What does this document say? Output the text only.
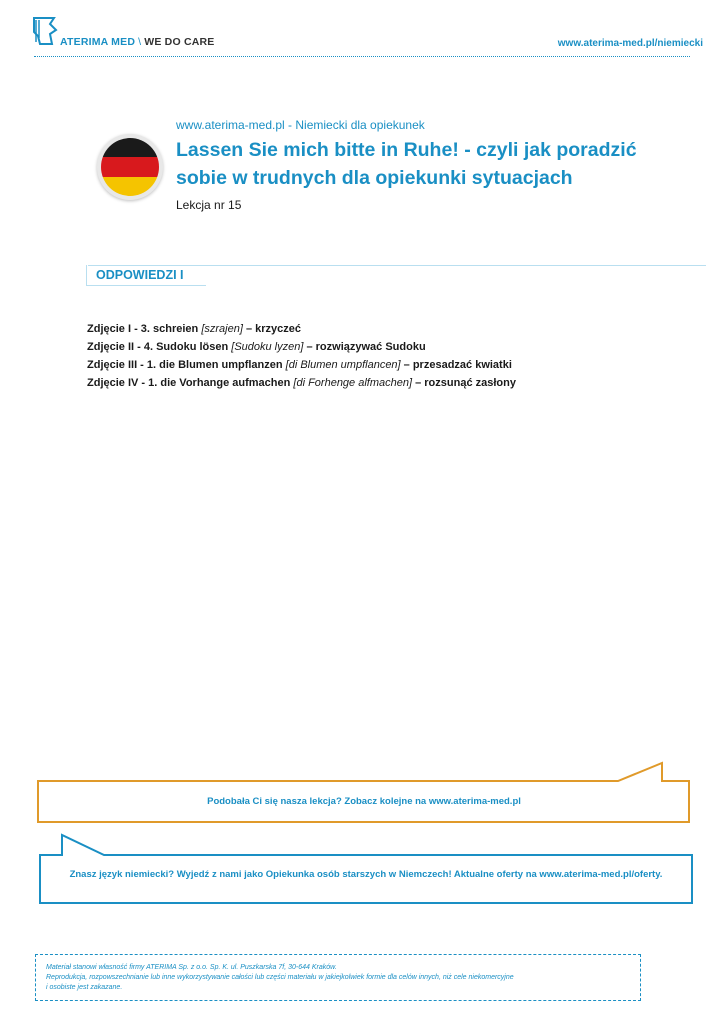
ATERIMA MED \ WE DO CARE	www.aterima-med.pl/niemiecki
www.aterima-med.pl - Niemiecki dla opiekunek
Lassen Sie mich bitte in Ruhe! - czyli jak poradzić sobie w trudnych dla opiekunki sytuacjach
Lekcja nr 15
ODPOWIEDZI I
Zdjęcie I - 3. schreien [szrajen] – krzyczeć
Zdjęcie II - 4. Sudoku lösen [Sudoku lyzen] – rozwiązywać Sudoku
Zdjęcie III - 1. die Blumen umpflanzen [di Blumen umpflancen] – przesadzać kwiatki
Zdjęcie IV - 1. die Vorhange aufmachen [di Forhenge alfmachen] – rozsunąć zasłony
Podobała Ci się nasza lekcja? Zobacz kolejne na www.aterima-med.pl
Znasz język niemiecki? Wyjedź z nami jako Opiekunka osób starszych w Niemczech! Aktualne oferty na www.aterima-med.pl/oferty.
Materiał stanowi własność firmy ATERIMA Sp. z o.o. Sp. K. ul. Puszkarska 7f, 30-644 Kraków.
Reprodukcja, rozpowszechnianie lub inne wykorzystywanie całości lub części materiału w jakiejkolwiek formie dla celów innych, niż cele niekomercyjne
i osobiste jest zakazane.
